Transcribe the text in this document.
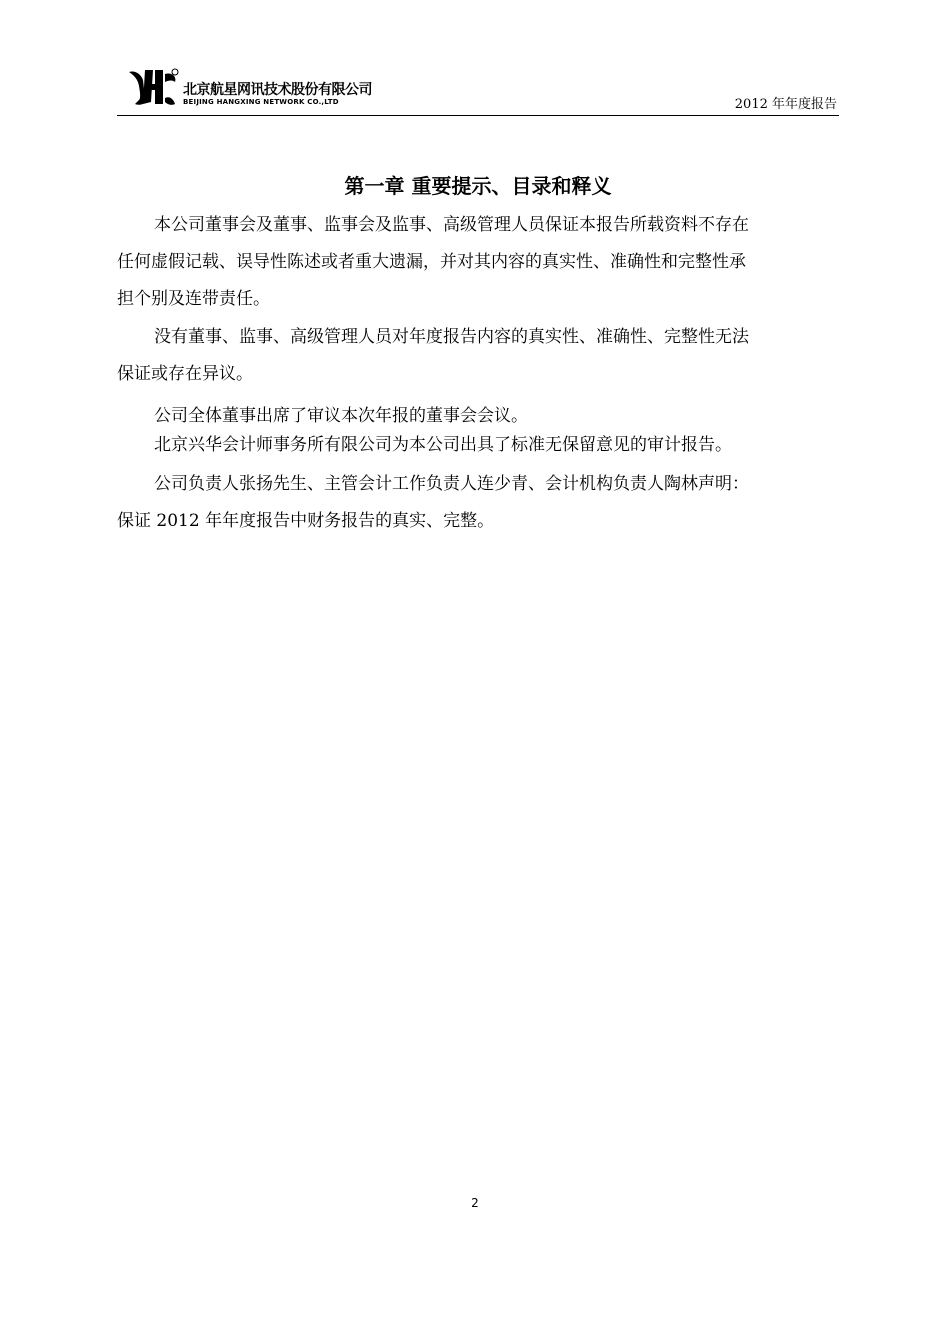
北京航星网讯技术股份有限公司
BEIJING HANGXING NETWORK CO.,LTD	2012 年年度报告
第一章 重要提示、目录和释义
本公司董事会及董事、监事会及监事、高级管理人员保证本报告所载资料不存在
任何虚假记载、误导性陈述或者重大遗漏，并对其内容的真实性、准确性和完整性承
担个别及连带责任。
没有董事、监事、高级管理人员对年度报告内容的真实性、准确性、完整性无法
保证或存在异议。
公司全体董事出席了审议本次年报的董事会会议。
北京兴华会计师事务所有限公司为本公司出具了标准无保留意见的审计报告。
公司负责人张扬先生、主管会计工作负责人连少青、会计机构负责人陶林声明：
保证 2012 年年度报告中财务报告的真实、完整。
2
